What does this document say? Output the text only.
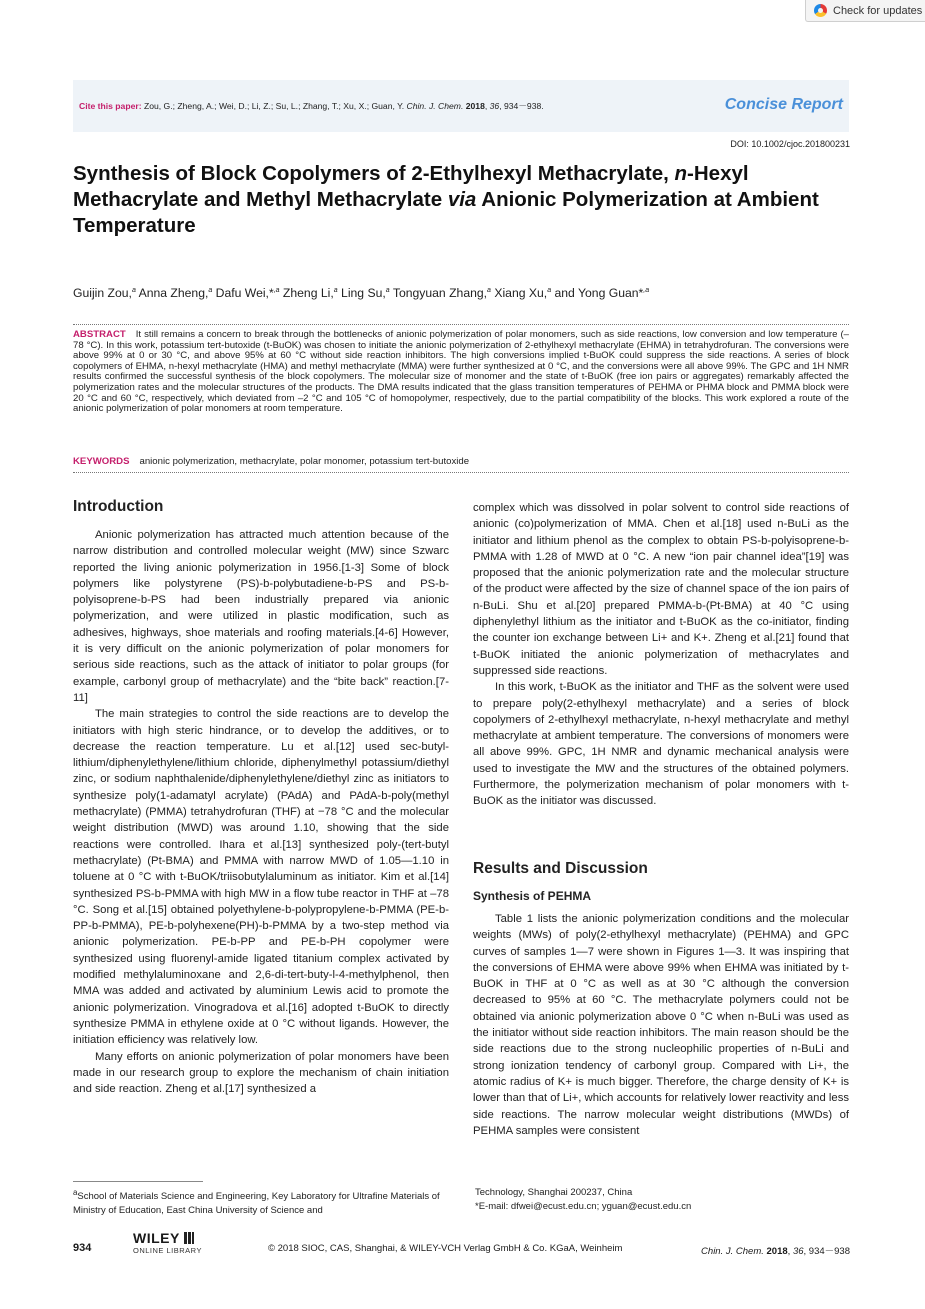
Check for updates
Cite this paper: Zou, G.; Zheng, A.; Wei, D.; Li, Z.; Su, L.; Zhang, T.; Xu, X.; Guan, Y. Chin. J. Chem. 2018, 36, 934－938.	Concise Report
DOI: 10.1002/cjoc.201800231
Synthesis of Block Copolymers of 2-Ethylhexyl Methacrylate, n-Hexyl Methacrylate and Methyl Methacrylate via Anionic Polymerization at Ambient Temperature
Guijin Zou,$^a$ Anna Zheng,$^a$ Dafu Wei,*$^{,a}$ Zheng Li,$^a$ Ling Su,$^a$ Tongyuan Zhang,$^a$ Xiang Xu,$^a$ and Yong Guan*$^{,a}$
ABSTRACT It still remains a concern to break through the bottlenecks of anionic polymerization of polar monomers, such as side reactions, low conversion and low temperature (–78 °C). In this work, potassium tert-butoxide (t-BuOK) was chosen to initiate the anionic polymerization of 2-ethylhexyl methacrylate (EHMA) in tetrahydrofuran. The conversions were above 99% at 0 or 30 °C, and above 95% at 60 °C without side reaction inhibitors. The high conversions implied t-BuOK could suppress the side reactions. A series of block copolymers of EHMA, n-hexyl methacrylate (HMA) and methyl methacrylate (MMA) were further synthesized at 0 °C, and the conversions were all above 99%. The GPC and 1H NMR results confirmed the successful synthesis of the block copolymers. The molecular size of monomer and the state of t-BuOK (free ion pairs or aggregates) remarkably affected the polymerization rates and the molecular structures of the products. The DMA results indicated that the glass transition temperatures of PEHMA or PHMA block and PMMA block were 20 °C and 60 °C, respectively, which deviated from –2 °C and 105 °C of homopolymer, respectively, due to the partial compatibility of the blocks. This work explored a route of the anionic polymerization of polar monomers at room temperature.
KEYWORDS anionic polymerization, methacrylate, polar monomer, potassium tert-butoxide
Introduction

Anionic polymerization has attracted much attention because of the narrow distribution and controlled molecular weight (MW) since Szwarc reported the living anionic polymerization in 1956.[1-3] Some of block polymers like polystyrene (PS)-b-polybutadiene-b-PS and PS-b-polyisoprene-b-PS had been industrially prepared via anionic polymerization, and were utilized in plastic modification, such as adhesives, highways, shoe materials and roofing materials.[4-6] However, it is very difficult on the anionic polymerization of polar monomers for serious side reactions, such as the attack of initiator to polar groups (for example, carbonyl group of methacrylate) and the “bite back” reaction.[7-11]

The main strategies to control the side reactions are to develop the initiators with high steric hindrance, or to develop the additives, or to decrease the reaction temperature. Lu et al.[12] used sec-butyl-lithium/diphenylethylene/lithium chloride, diphenylmethyl potassium/diethyl zinc, or sodium naphthalenide/diphenylethylene/diethyl zinc as initiators to synthesize poly(1-adamatyl acrylate) (PAdA) and PAdA-b-poly(methyl methacrylate) (PMMA) tetrahydrofuran (THF) at −78 °C and the molecular weight distribution (MWD) was around 1.10, showing that the side reactions were controlled. Ihara et al.[13] synthesized poly-(tert-butyl methacrylate) (Pt-BMA) and PMMA with narrow MWD of 1.05—1.10 in toluene at 0 °C with t-BuOK/triisobutylaluminum as initiator. Kim et al.[14] synthesized PS-b-PMMA with high MW in a flow tube reactor in THF at –78 °C. Song et al.[15] obtained polyethylene-b-polypropylene-b-PMMA (PE-b-PP-b-PMMA), PE-b-polyhexene(PH)-b-PMMA by a two-step method via anionic polymerization. PE-b-PP and PE-b-PH copolymer were synthesized using fluorenyl-amide ligated titanium complex activated by modified methylaluminoxane and 2,6-di-tert-buty-l-4-methylphenol, then MMA was added and activated by aluminium Lewis acid to promote the anionic polymerization. Vinogradova et al.[16] adopted t-BuOK to directly synthesize PMMA in ethylene oxide at 0 °C without ligands. However, the initiation efficiency was relatively low.

Many efforts on anionic polymerization of polar monomers have been made in our research group to explore the mechanism of chain initiation and side reaction. Zheng et al.[17] synthesized a

complex which was dissolved in polar solvent to control side reactions of anionic (co)polymerization of MMA. Chen et al.[18] used n-BuLi as the initiator and lithium phenol as the complex to obtain PS-b-polyisoprene-b-PMMA with 1.28 of MWD at 0 °C. A new “ion pair channel idea”[19] was proposed that the anionic polymerization rate and the molecular structure of the product were affected by the size of channel space of the ion pairs of n-BuLi. Shu et al.[20] prepared PMMA-b-(Pt-BMA) at 40 °C using diphenylethyl lithium as the initiator and t-BuOK as the co-initiator, finding the counter ion exchange between Li+ and K+. Zheng et al.[21] found that t-BuOK initiated the anionic polymerization of methacrylates and suppressed side reactions.

In this work, t-BuOK as the initiator and THF as the solvent were used to prepare poly(2-ethylhexyl methacrylate) and a series of block copolymers of 2-ethylhexyl methacrylate, n-hexyl methacrylate and methyl methacrylate at ambient temperature. The conversions of monomers were all above 99%. GPC, 1H NMR and dynamic mechanical analysis were used to investigate the MW and the structures of the obtained polymers. Furthermore, the polymerization mechanism of polar monomers with t-BuOK as the initiator was discussed.

Results and Discussion
Synthesis of PEHMA

Table 1 lists the anionic polymerization conditions and the molecular weights (MWs) of poly(2-ethylhexyl methacrylate) (PEHMA) and GPC curves of samples 1—7 were shown in Figures 1—3. It was inspiring that the conversions of EHMA were above 99% when EHMA was initiated by t-BuOK in THF at 0 °C as well as at 30 °C although the conversion decreased to 95% at 60 °C. The methacrylate polymers could not be obtained via anionic polymerization above 0 °C when n-BuLi was used as the initiator without side reaction inhibitors. The main reason should be the side reactions due to the strong nucleophilic properties of n-BuLi and strong ionization tendency of carbonyl group. Compared with Li+, the atomic radius of K+ is much bigger. Therefore, the charge density of K+ is lower than that of Li+, which accounts for relatively lower reactivity and less side reactions. The narrow molecular weight distributions (MWDs) of PEHMA samples were consistent

$^a$School of Materials Science and Engineering, Key Laboratory for Ultrafine Materials of Ministry of Education, East China University of Science and
Technology, Shanghai 200237, China
*E-mail: dfwei@ecust.edu.cn; yguan@ecust.edu.cn
934
WILEY
ONLINE LIBRARY	© 2018 SIOC, CAS, Shanghai, & WILEY-VCH Verlag GmbH & Co. KGaA, Weinheim	Chin. J. Chem. 2018, 36, 934－938
